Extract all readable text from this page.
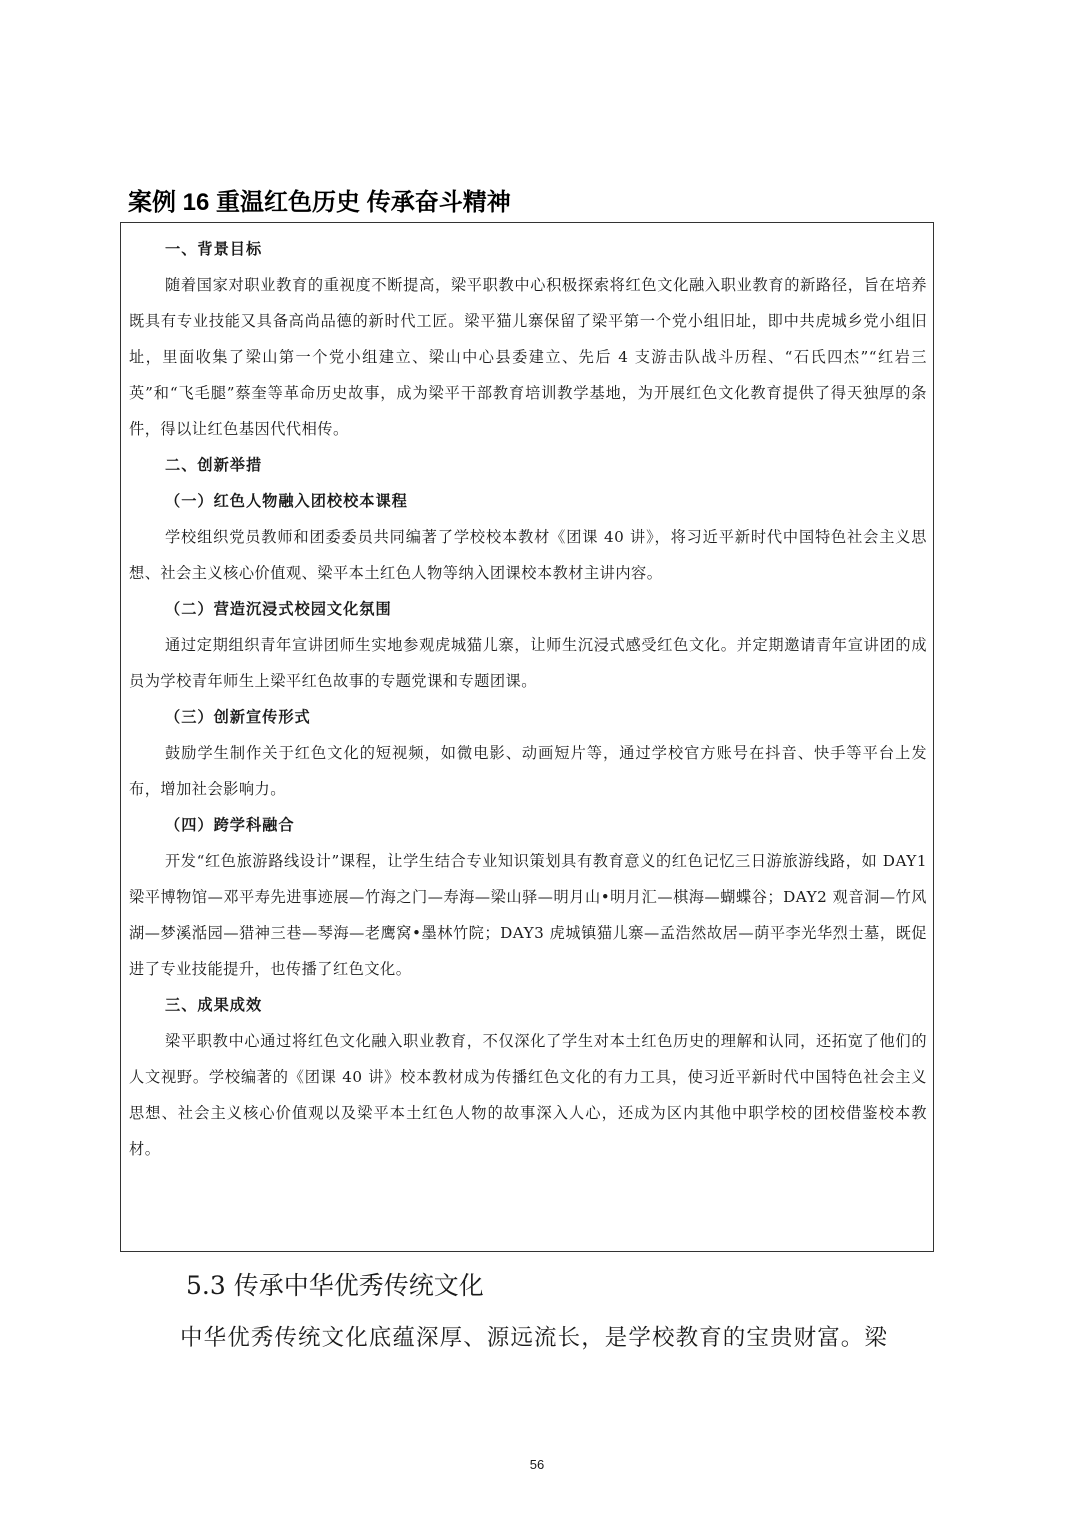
案例 16 重温红色历史 传承奋斗精神

一、背景目标

随着国家对职业教育的重视度不断提高，梁平职教中心积极探索将红色文化融入职业教育的新路径，旨在培养既具有专业技能又具备高尚品德的新时代工匠。梁平猫儿寨保留了梁平第一个党小组旧址，即中共虎城乡党小组旧址，里面收集了梁山第一个党小组建立、梁山中心县委建立、先后 4 支游击队战斗历程、“石氏四杰”“红岩三英”和“飞毛腿”蔡奎等革命历史故事，成为梁平干部教育培训教学基地，为开展红色文化教育提供了得天独厚的条件，得以让红色基因代代相传。

二、创新举措

（一）红色人物融入团校校本课程

学校组织党员教师和团委委员共同编著了学校校本教材《团课 40 讲》，将习近平新时代中国特色社会主义思想、社会主义核心价值观、梁平本土红色人物等纳入团课校本教材主讲内容。

（二）营造沉浸式校园文化氛围

通过定期组织青年宣讲团师生实地参观虎城猫儿寨，让师生沉浸式感受红色文化。并定期邀请青年宣讲团的成员为学校青年师生上梁平红色故事的专题党课和专题团课。

（三）创新宣传形式

鼓励学生制作关于红色文化的短视频，如微电影、动画短片等，通过学校官方账号在抖音、快手等平台上发布，增加社会影响力。

（四）跨学科融合

开发“红色旅游路线设计”课程，让学生结合专业知识策划具有教育意义的红色记忆三日游旅游线路，如 DAY1 梁平博物馆—邓平寿先进事迹展—竹海之门—寿海—梁山驿—明月山•明月汇—棋海—蝴蝶谷；DAY2 观音洞—竹风湖—梦溪湉园—猎神三巷—琴海—老鹰窝•墨林竹院；DAY3 虎城镇猫儿寨—孟浩然故居—荫平李光华烈士墓，既促进了专业技能提升，也传播了红色文化。

三、成果成效

梁平职教中心通过将红色文化融入职业教育，不仅深化了学生对本土红色历史的理解和认同，还拓宽了他们的人文视野。学校编著的《团课 40 讲》校本教材成为传播红色文化的有力工具，使习近平新时代中国特色社会主义思想、社会主义核心价值观以及梁平本土红色人物的故事深入人心，还成为区内其他中职学校的团校借鉴校本教材。

5.3 传承中华优秀传统文化

中华优秀传统文化底蕴深厚、源远流长，是学校教育的宝贵财富。梁

56
